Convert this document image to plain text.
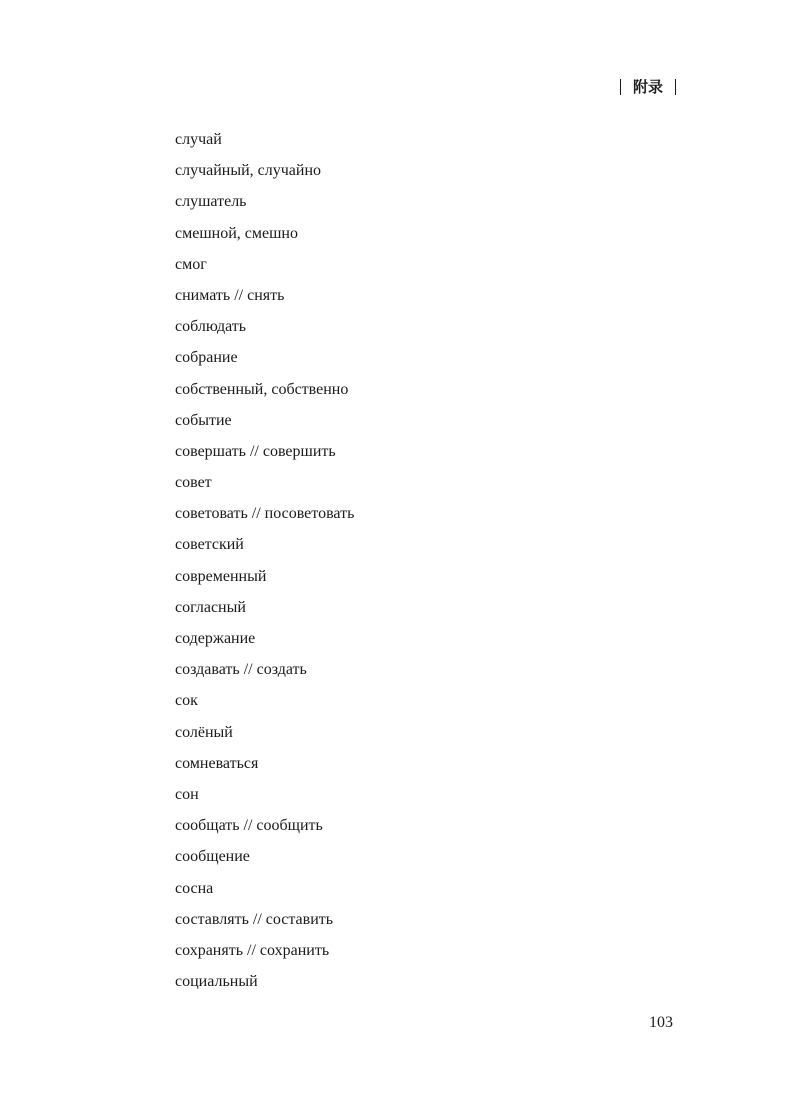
附录
случай
случайный, случайно
слушатель
смешной, смешно
смог
снимать // снять
соблюдать
собрание
собственный, собственно
событие
совершать // совершить
совет
советовать // посоветовать
советский
современный
согласный
содержание
создавать // создать
сок
солёный
сомневаться
сон
сообщать // сообщить
сообщение
сосна
составлять // составить
сохранять // сохранить
социальный
103
